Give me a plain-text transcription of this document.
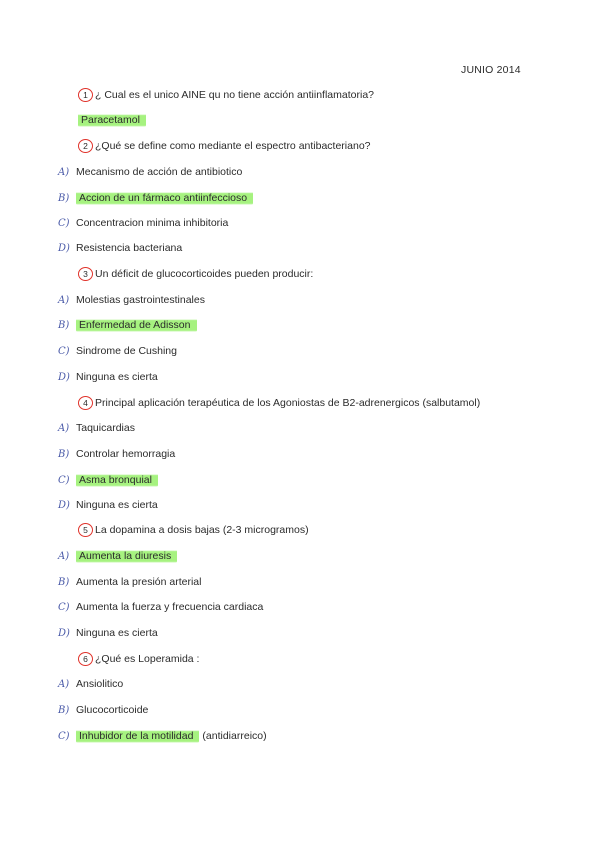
JUNIO 2014
1 ¿ Cual es el unico AINE qu no tiene acción antiinflamatoria?
Paracetamol
2 ¿Qué se define como mediante el espectro antibacteriano?
A) Mecanismo de acción de antibiotico
B) Accion de un fármaco antiinfeccioso
C) Concentracion minima inhibitoria
D) Resistencia bacteriana
3 Un déficit de glucocorticoides pueden producir:
A) Molestias gastrointestinales
B) Enfermedad de Adisson
C) Sindrome de Cushing
D) Ninguna es cierta
4 Principal aplicación terapéutica de los Agoniostas de B2-adrenergicos (salbutamol)
A) Taquicardias
B) Controlar hemorragia
C) Asma bronquial
D) Ninguna es cierta
5 La dopamina a dosis bajas (2-3 microgramos)
A) Aumenta la diuresis
B) Aumenta la presión arterial
C) Aumenta la fuerza y frecuencia cardiaca
D) Ninguna es cierta
6 ¿Qué es Loperamida :
A) Ansiolitico
B) Glucocorticoide
C) Inhubidor de la motilidad (antidiarreico)
